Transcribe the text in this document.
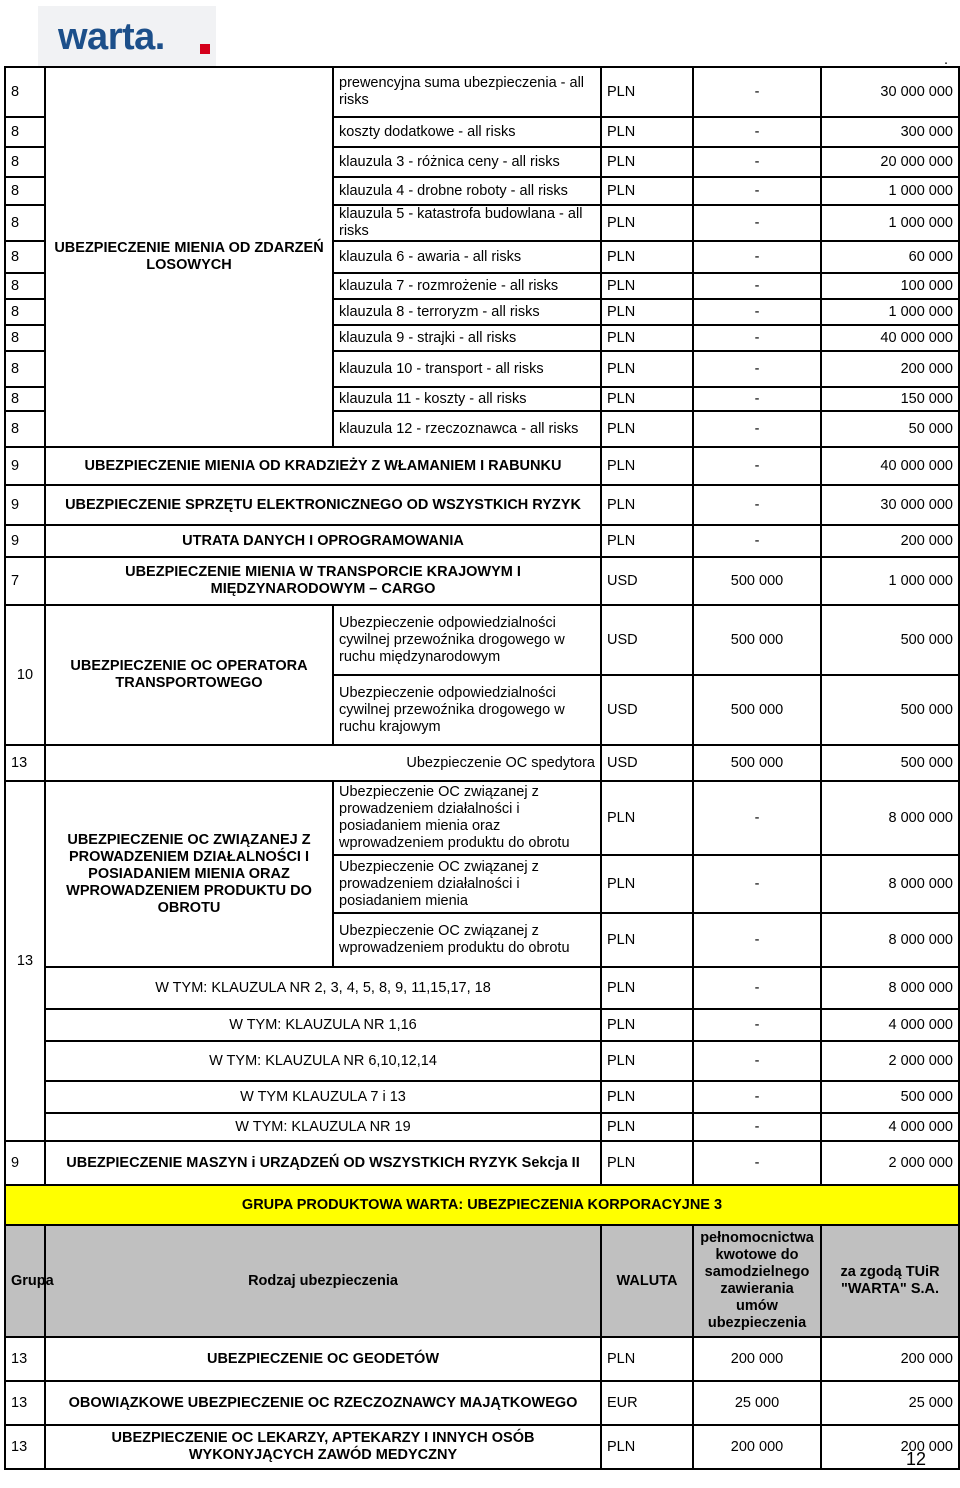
warta.
.
8	UBEZPIECZENIE MIENIA OD ZDARZEŃ LOSOWYCH	prewencyjna suma ubezpieczenia - all risks	PLN	-	30 000 000
8		koszty dodatkowe - all risks	PLN	-	300 000
8		klauzula 3 - różnica ceny - all risks	PLN	-	20 000 000
8		klauzula 4 - drobne roboty - all risks	PLN	-	1 000 000
8		klauzula 5 - katastrofa budowlana - all risks	PLN	-	1 000 000
8		klauzula 6 - awaria - all risks	PLN	-	60 000
8		klauzula 7 - rozmrożenie - all risks	PLN	-	100 000
8		klauzula 8 - terroryzm - all risks	PLN	-	1 000 000
8		klauzula 9 - strajki - all risks	PLN	-	40 000 000
8		klauzula 10 - transport - all risks	PLN	-	200 000
8		klauzula 11 - koszty - all risks	PLN	-	150 000
8		klauzula 12 - rzeczoznawca - all risks	PLN	-	50 000
9	UBEZPIECZENIE MIENIA OD KRADZIEŻY Z WŁAMANIEM I RABUNKU		PLN	-	40 000 000
9	UBEZPIECZENIE SPRZĘTU ELEKTRONICZNEGO OD WSZYSTKICH RYZYK		PLN	-	30 000 000
9	UTRATA DANYCH I OPROGRAMOWANIA		PLN	-	200 000
7	UBEZPIECZENIE MIENIA W TRANSPORCIE KRAJOWYM I MIĘDZYNARODOWYM – CARGO		USD	500 000	1 000 000
10	UBEZPIECZENIE OC OPERATORA TRANSPORTOWEGO	Ubezpieczenie odpowiedzialności cywilnej przewoźnika drogowego w ruchu międzynarodowym	USD	500 000	500 000
		Ubezpieczenie odpowiedzialności cywilnej przewoźnika drogowego w ruchu krajowym	USD	500 000	500 000
13	Ubezpieczenie OC spedytora		USD	500 000	500 000
13	UBEZPIECZENIE OC ZWIĄZANEJ Z PROWADZENIEM DZIAŁALNOŚCI I POSIADANIEM MIENIA ORAZ WPROWADZENIEM PRODUKTU DO OBROTU	Ubezpieczenie OC związanej z prowadzeniem działalności i posiadaniem mienia oraz wprowadzeniem produktu do obrotu	PLN	-	8 000 000
		Ubezpieczenie OC związanej z prowadzeniem działalności i posiadaniem mienia	PLN	-	8 000 000
		Ubezpieczenie OC związanej z wprowadzeniem produktu do obrotu	PLN	-	8 000 000
	W TYM: KLAUZULA NR 2, 3, 4, 5, 8, 9, 11,15,17, 18		PLN	-	8 000 000
	W TYM: KLAUZULA NR 1,16		PLN	-	4 000 000
	W TYM: KLAUZULA NR 6,10,12,14		PLN	-	2 000 000
	W TYM KLAUZULA 7 i 13		PLN	-	500 000
	W TYM: KLAUZULA NR 19		PLN	-	4 000 000
9	UBEZPIECZENIE MASZYN i URZĄDZEŃ OD WSZYSTKICH RYZYK Sekcja II		PLN	-	2 000 000
GRUPA PRODUKTOWA WARTA: UBEZPIECZENIA KORPORACYJNE 3					
Grupa	Rodzaj ubezpieczenia		WALUTA	pełnomocnictwa kwotowe do samodzielnego zawierania umów ubezpieczenia	za zgodą TUiR "WARTA" S.A.
13	UBEZPIECZENIE OC GEODETÓW		PLN	200 000	200 000
13	OBOWIĄZKOWE UBEZPIECZENIE OC RZECZOZNAWCY MAJĄTKOWEGO		EUR	25 000	25 000
13	UBEZPIECZENIE OC LEKARZY, APTEKARZY I INNYCH OSÓB WYKONYJĄCYCH ZAWÓD MEDYCZNY		PLN	200 000	200 000
12
